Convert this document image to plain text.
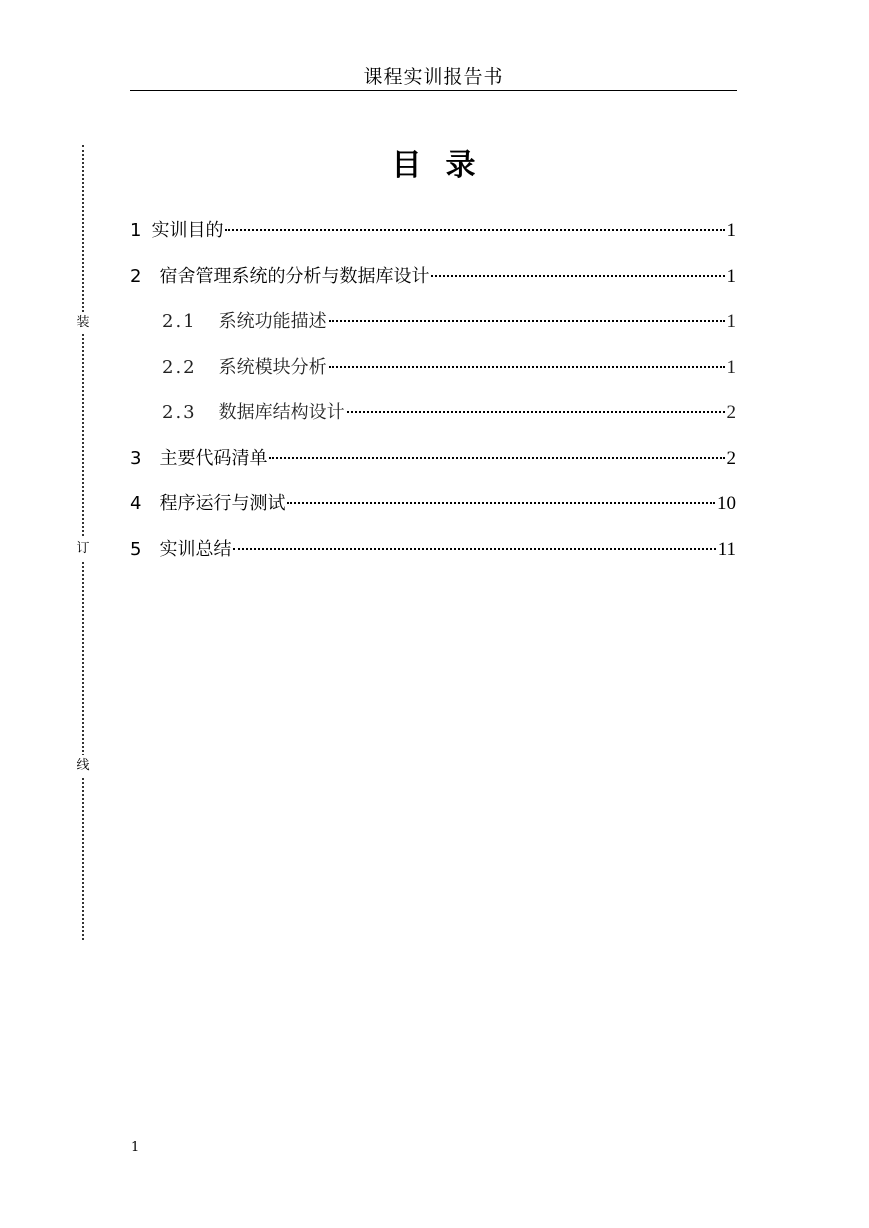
课程实训报告书
装
订
线
目 录
1 实训目的	1
2 宿舍管理系统的分析与数据库设计	1
2.1 系统功能描述	1
2.2 系统模块分析	1
2.3 数据库结构设计	2
3 主要代码清单	2
4 程序运行与测试	10
5 实训总结	11
1
